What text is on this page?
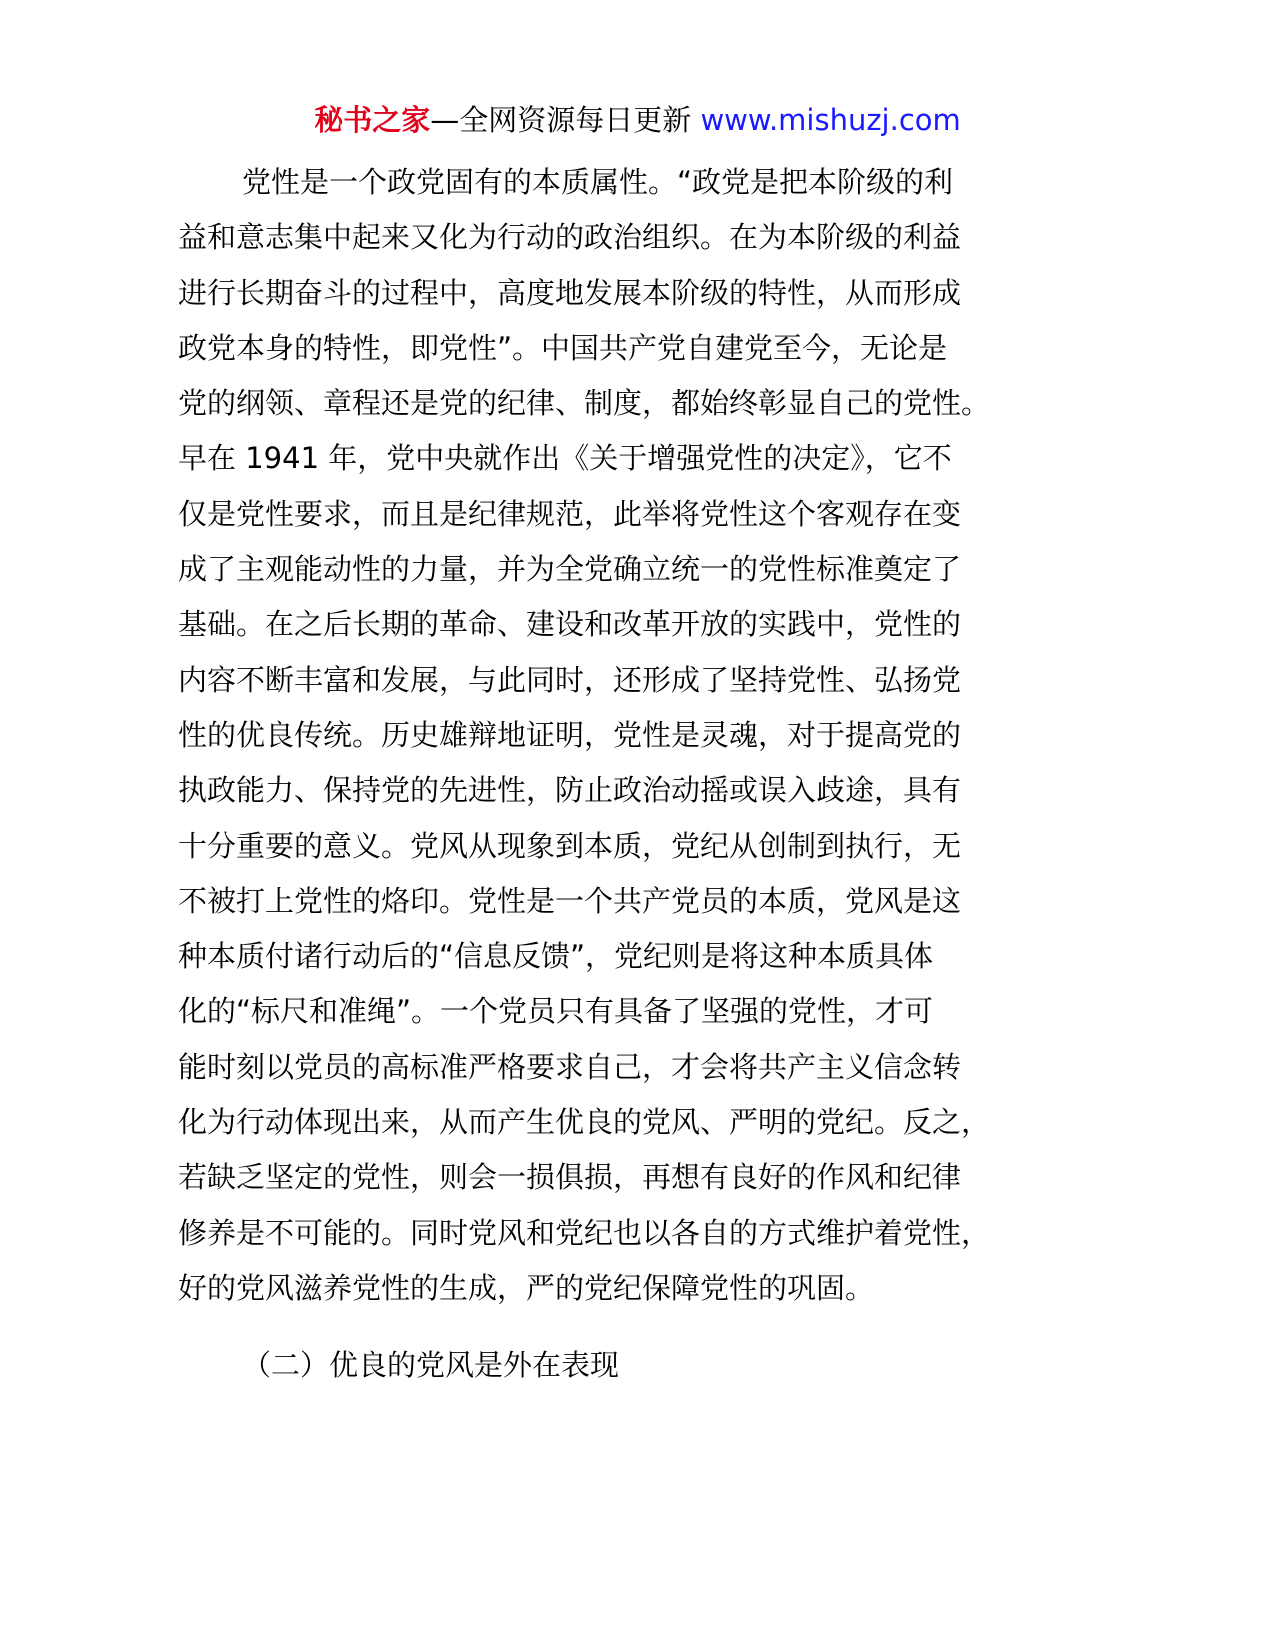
秘书之家—全网资源每日更新 www.mishuzj.com
党性是一个政党固有的本质属性。“政党是把本阶级的利
益和意志集中起来又化为行动的政治组织。在为本阶级的利益
进行长期奋斗的过程中，高度地发展本阶级的特性，从而形成
政党本身的特性，即党性”。中国共产党自建党至今，无论是
党的纲领、章程还是党的纪律、制度，都始终彰显自己的党性。
早在 1941 年，党中央就作出《关于增强党性的决定》，它不
仅是党性要求，而且是纪律规范，此举将党性这个客观存在变
成了主观能动性的力量，并为全党确立统一的党性标准奠定了
基础。在之后长期的革命、建设和改革开放的实践中，党性的
内容不断丰富和发展，与此同时，还形成了坚持党性、弘扬党
性的优良传统。历史雄辩地证明，党性是灵魂，对于提高党的
执政能力、保持党的先进性，防止政治动摇或误入歧途，具有
十分重要的意义。党风从现象到本质，党纪从创制到执行，无
不被打上党性的烙印。党性是一个共产党员的本质，党风是这
种本质付诸行动后的“信息反馈”，党纪则是将这种本质具体
化的“标尺和准绳”。一个党员只有具备了坚强的党性，才可
能时刻以党员的高标准严格要求自己，才会将共产主义信念转
化为行动体现出来，从而产生优良的党风、严明的党纪。反之，
若缺乏坚定的党性，则会一损俱损，再想有良好的作风和纪律
修养是不可能的。同时党风和党纪也以各自的方式维护着党性，
好的党风滋养党性的生成，严的党纪保障党性的巩固。
（二）优良的党风是外在表现
